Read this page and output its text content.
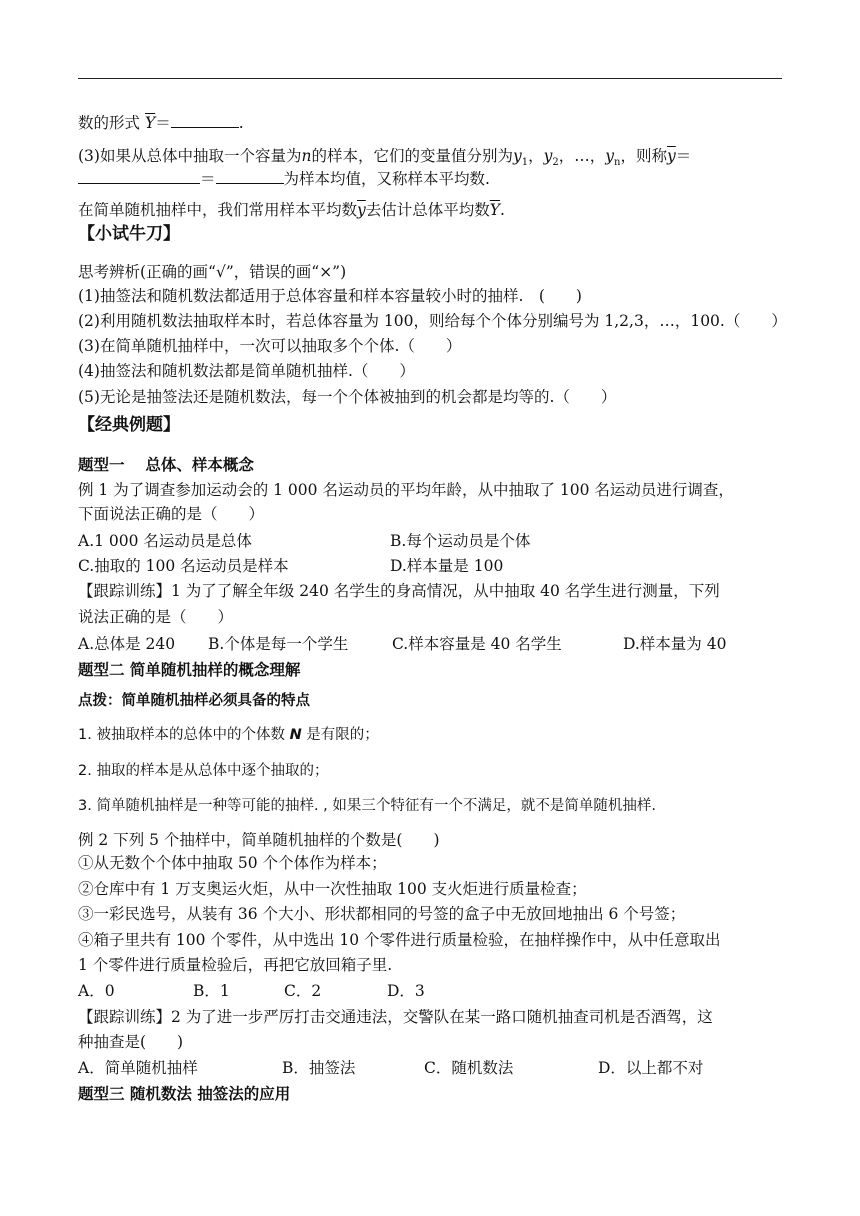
数的形式 $\overline{Y}=$	.
(3)如果从总体中抽取一个容量为n的样本，它们的变量值分别为$y_1$，$y_2$，…，$y_n$，则称$\overline{y}=$
＝	为样本均值，又称样本平均数.
在简单随机抽样中，我们常用样本平均数$\overline{y}$去估计总体平均数$\overline{Y}$.
【小试牛刀】
思考辨析(正确的画“√”，错误的画“×”)
(1)抽签法和随机数法都适用于总体容量和样本容量较小时的抽样.　(　　)
(2)利用随机数法抽取样本时，若总体容量为 100，则给每个个体分别编号为 1,2,3，…，100.（　　）
(3)在简单随机抽样中，一次可以抽取多个个体.（　　）
(4)抽签法和随机数法都是简单随机抽样.（　　）
(5)无论是抽签法还是随机数法，每一个个体被抽到的机会都是均等的.（　　）
【经典例题】
题型一　 总体、样本概念
例 1 为了调查参加运动会的 1 000 名运动员的平均年龄，从中抽取了 100 名运动员进行调查，
下面说法正确的是（　　）
A.1 000 名运动员是总体	B.每个运动员是个体
C.抽取的 100 名运动员是样本	D.样本量是 100
【跟踪训练】1 为了了解全年级 240 名学生的身高情况，从中抽取 40 名学生进行测量，下列
说法正确的是（　　）
A.总体是 240 B.个体是每一个学生	C.样本容量是 40 名学生	D.样本量为 40
题型二 简单随机抽样的概念理解
点拨：简单随机抽样必须具备的特点
1. 被抽取样本的总体中的个体数 N 是有限的；
2. 抽取的样本是从总体中逐个抽取的；
3. 简单随机抽样是一种等可能的抽样. , 如果三个特征有一个不满足，就不是简单随机抽样.
例 2 下列 5 个抽样中，简单随机抽样的个数是(　　)
①从无数个个体中抽取 50 个个体作为样本；
②仓库中有 1 万支奥运火炬，从中一次性抽取 100 支火炬进行质量检查；
③一彩民选号，从装有 36 个大小、形状都相同的号签的盒子中无放回地抽出 6 个号签；
④箱子里共有 100 个零件，从中选出 10 个零件进行质量检验，在抽样操作中，从中任意取出
1 个零件进行质量检验后，再把它放回箱子里.
A．0	B．1	C．2	D．3
【跟踪训练】2 为了进一步严厉打击交通违法，交警队在某一路口随机抽查司机是否酒驾，这
种抽查是(　　)
A．简单随机抽样	B．抽签法	C．随机数法	D．以上都不对
题型三 随机数法 抽签法的应用
